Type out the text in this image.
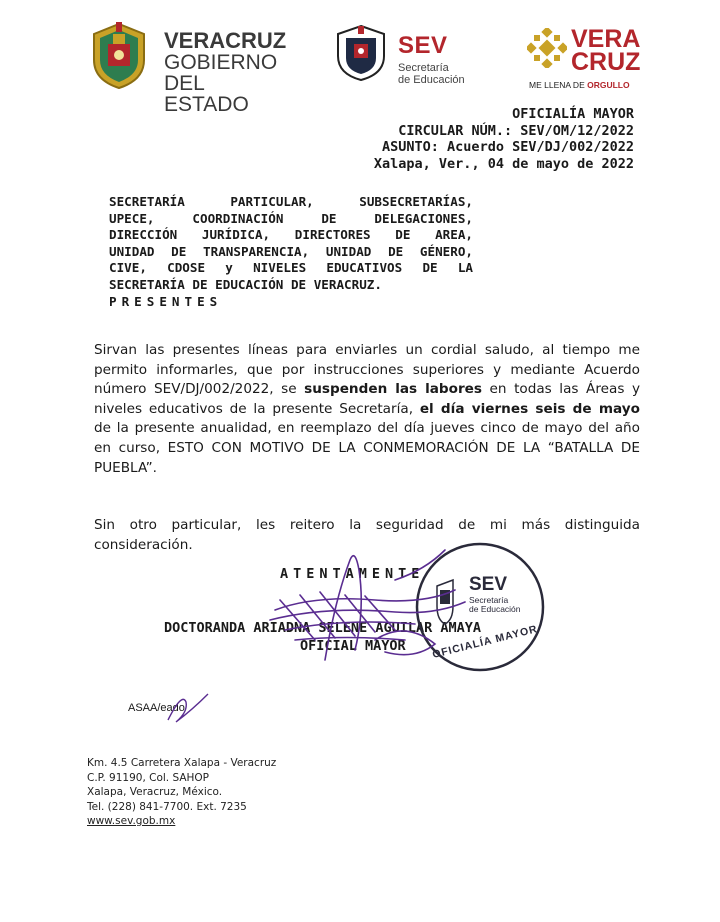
VERACRUZ
GOBIERNO
DEL ESTADO
SEV
Secretaría
de Educación
VERA
CRUZ
ME LLENA DE ORGULLO
OFICIALÍA MAYOR
CIRCULAR NÚM.: SEV/OM/12/2022
ASUNTO: Acuerdo SEV/DJ/002/2022
Xalapa, Ver., 04 de mayo de 2022
SECRETARÍA PARTICULAR, SUBSECRETARÍAS,
UPECE, COORDINACIÓN DE DELEGACIONES,
DIRECCIÓN JURÍDICA, DIRECTORES DE AREA,
UNIDAD DE TRANSPARENCIA, UNIDAD DE GÉNERO,
CIVE, CDOSE y NIVELES EDUCATIVOS DE LA
SECRETARÍA DE EDUCACIÓN DE VERACRUZ.
PRESENTES
Sirvan las presentes líneas para enviarles un cordial saludo, al tiempo me
permito informarles, que por instrucciones superiores y mediante Acuerdo
número SEV/DJ/002/2022, se suspenden las labores en todas las Áreas y
niveles educativos de la presente Secretaría, el día viernes seis de mayo
de la presente anualidad, en reemplazo del día jueves cinco de mayo del año
en curso, ESTO CON MOTIVO DE LA CONMEMORACIÓN DE LA “BATALLA DE
PUEBLA”.
Sin otro particular, les reitero la seguridad de mi más distinguida
consideración.
ATENTAMENTE
DOCTORANDA ARIADNA SELENE AGUILAR AMAYA
OFICIAL MAYOR
SEV
Secretaría
de Educación
OFICIALÍA MAYOR
ASAA/eado
Km. 4.5 Carretera Xalapa - Veracruz
C.P. 91190, Col. SAHOP
Xalapa, Veracruz, México.
Tel. (228) 841-7700. Ext. 7235
www.sev.gob.mx
